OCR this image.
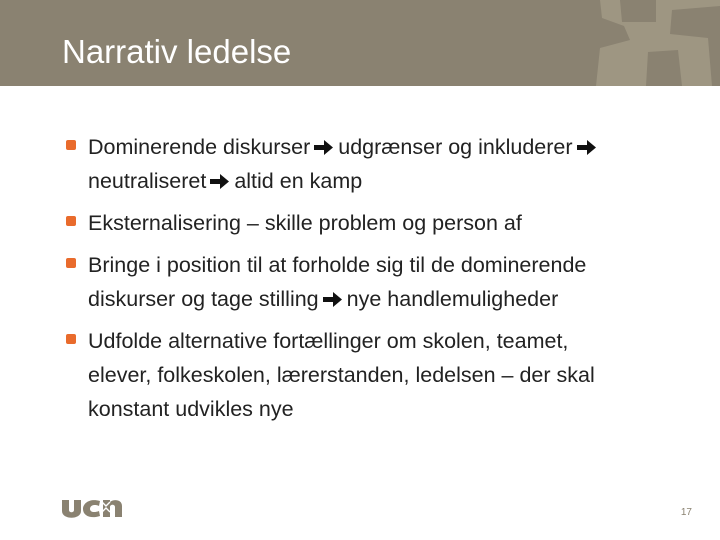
Narrativ ledelse
Dominerende diskurser udgrænser og inkludererneutraliseret altid en kamp
Eksternalisering – skille problem og person af
Bringe i position til at forholde sig til de dominerende diskurser og tage stilling nye handlemuligheder
Udfolde alternative fortællinger om skolen, teamet, elever, folkeskolen, lærerstanden, ledelsen – der skal konstant udvikles nye
17
